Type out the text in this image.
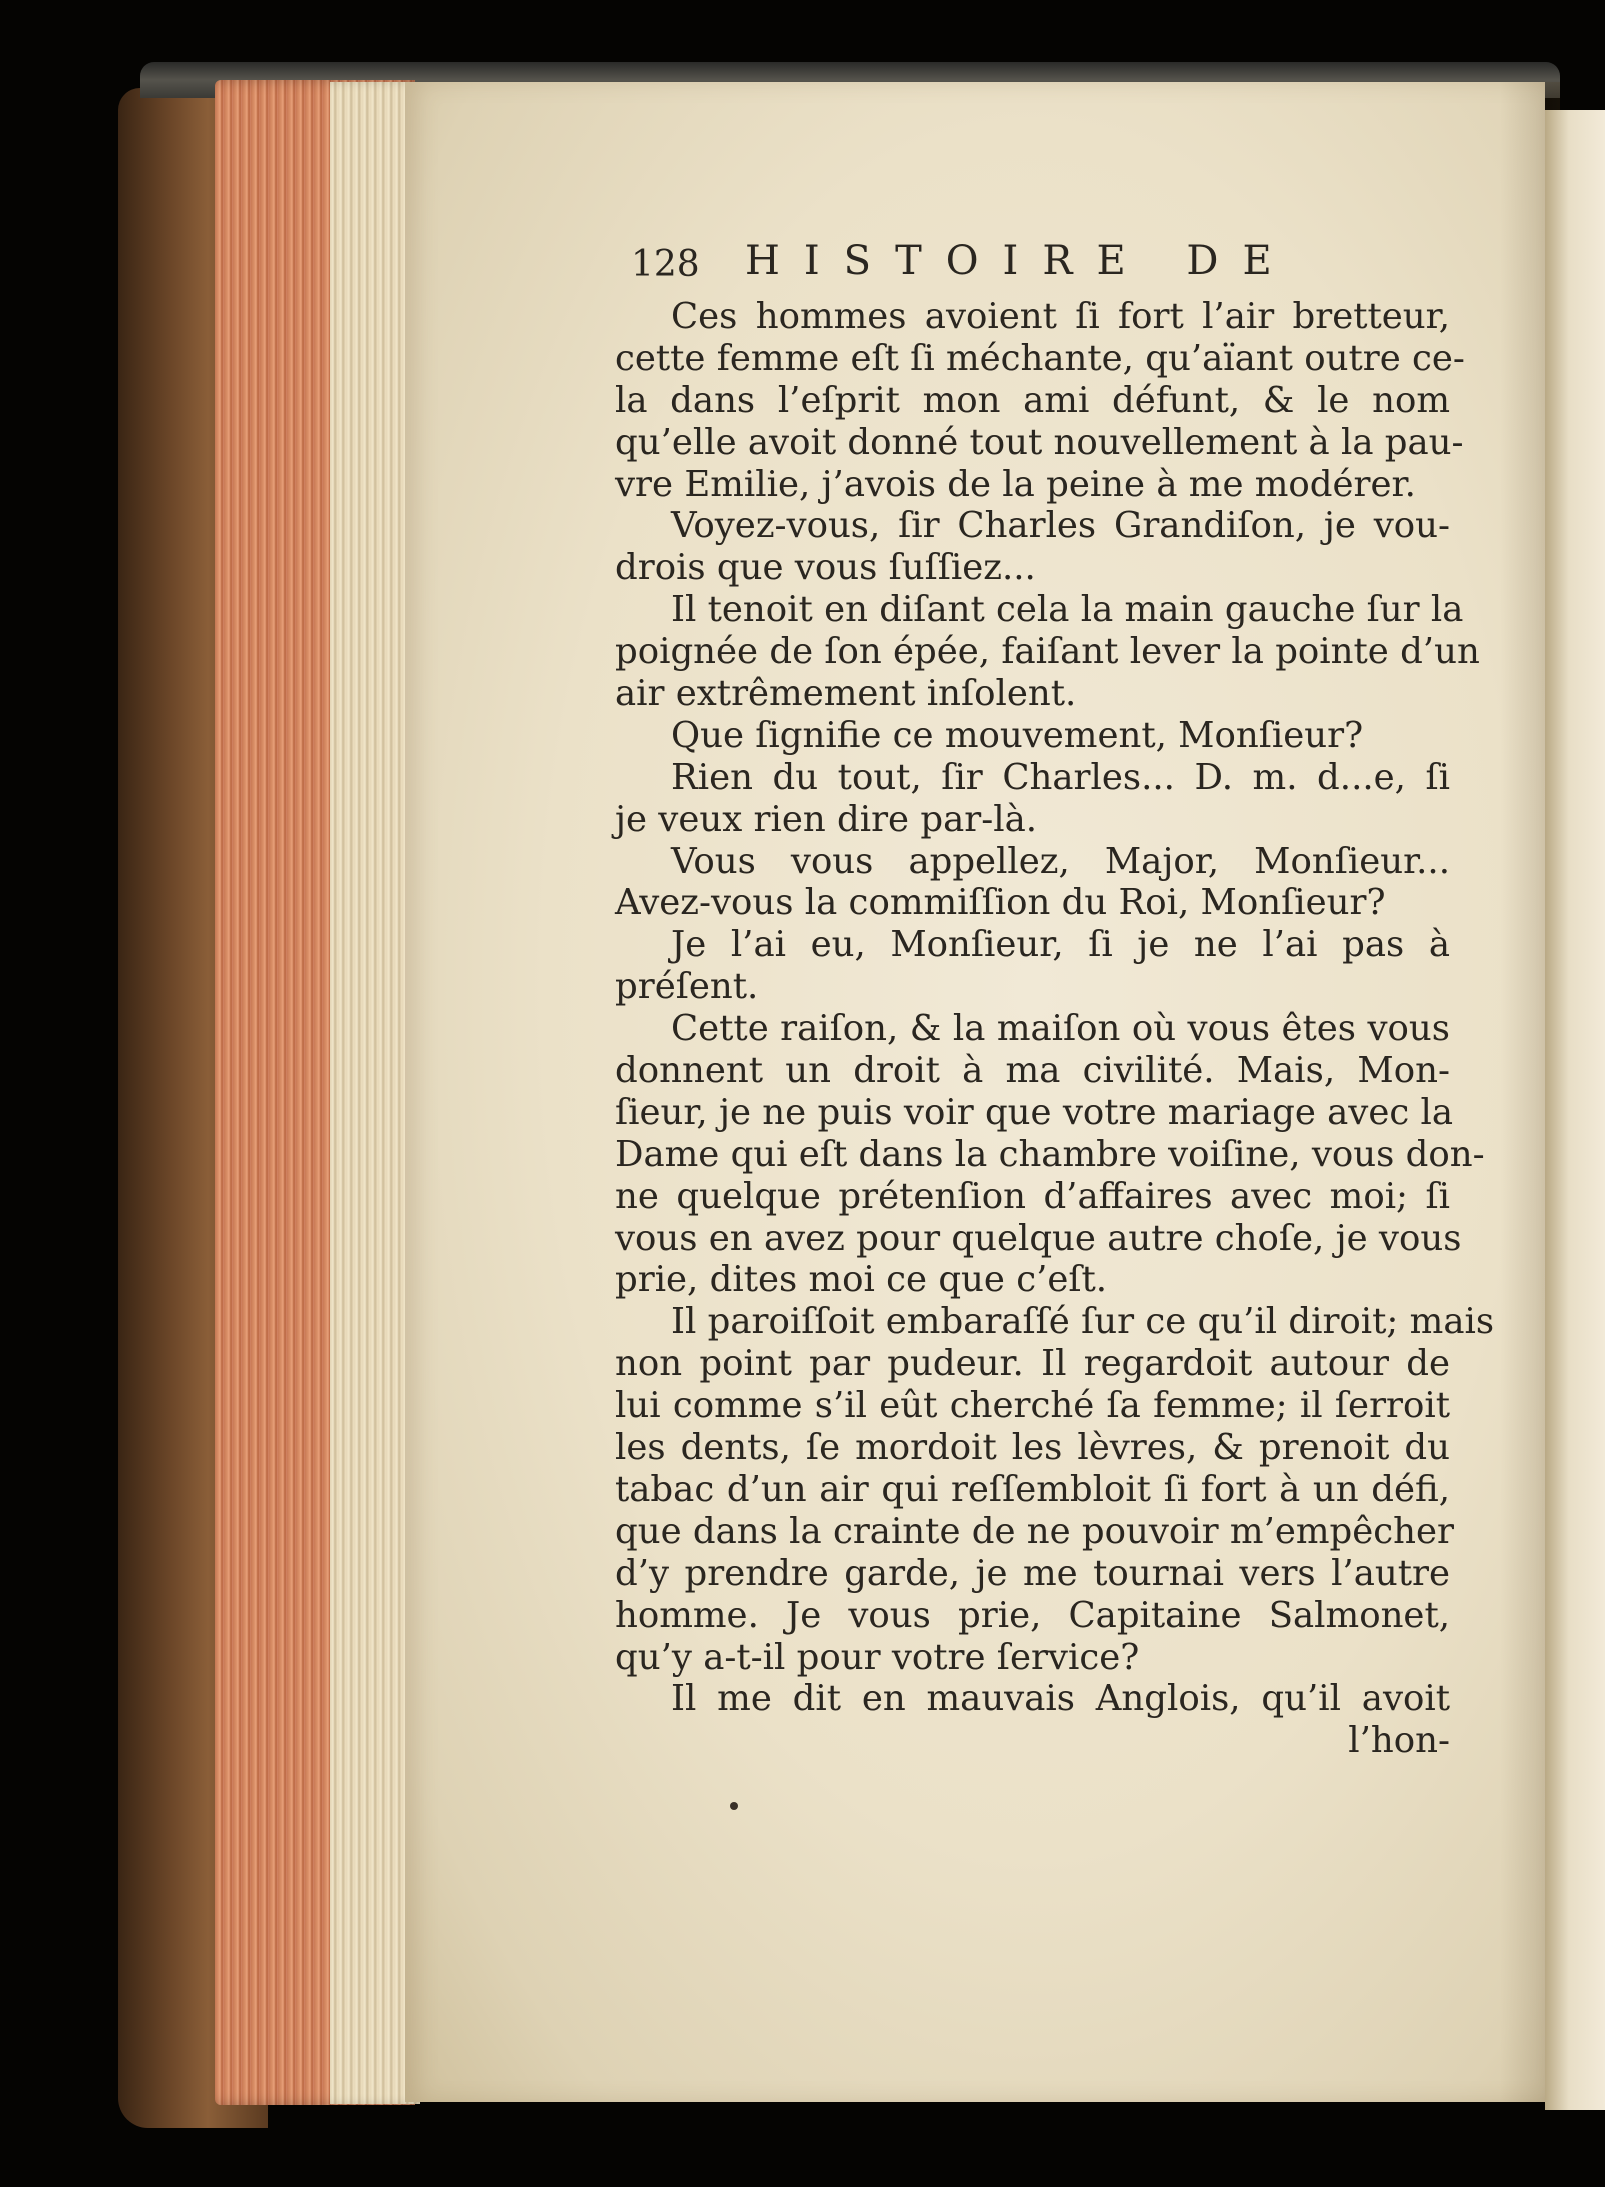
128 HISTOIRE DE
Ces hommes avoient ſi fort l’air bretteur,
cette femme eſt ſi méchante, qu’aïant outre ce-
la dans l’eſprit mon ami défunt, & le nom
qu’elle avoit donné tout nouvellement à la pau-
vre Emilie, j’avois de la peine à me modérer.
Voyez-vous, ſir Charles Grandiſon, je vou-
drois que vous ſuſſiez...
Il tenoit en diſant cela la main gauche ſur la
poignée de ſon épée, faiſant lever la pointe d’un
air extrêmement inſolent.
Que ſignifie ce mouvement, Monſieur?
Rien du tout, ſir Charles... D. m. d...e, ſi
je veux rien dire par-là.
Vous vous appellez, Major, Monſieur...
Avez-vous la commiſſion du Roi, Monſieur?
Je l’ai eu, Monſieur, ſi je ne l’ai pas à
préſent.
Cette raiſon, & la maiſon où vous êtes vous
donnent un droit à ma civilité. Mais, Mon-
ſieur, je ne puis voir que votre mariage avec la
Dame qui eſt dans la chambre voiſine, vous don-
ne quelque prétenſion d’affaires avec moi; ſi
vous en avez pour quelque autre choſe, je vous
prie, dites moi ce que c’eſt.
Il paroiſſoit embaraſſé ſur ce qu’il diroit; mais
non point par pudeur. Il regardoit autour de
lui comme s’il eût cherché ſa femme; il ſerroit
les dents, ſe mordoit les lèvres, & prenoit du
tabac d’un air qui reſſembloit ſi fort à un défi,
que dans la crainte de ne pouvoir m’empêcher
d’y prendre garde, je me tournai vers l’autre
homme. Je vous prie, Capitaine Salmonet,
qu’y a-t-il pour votre ſervice?
Il me dit en mauvais Anglois, qu’il avoit
l’hon-
